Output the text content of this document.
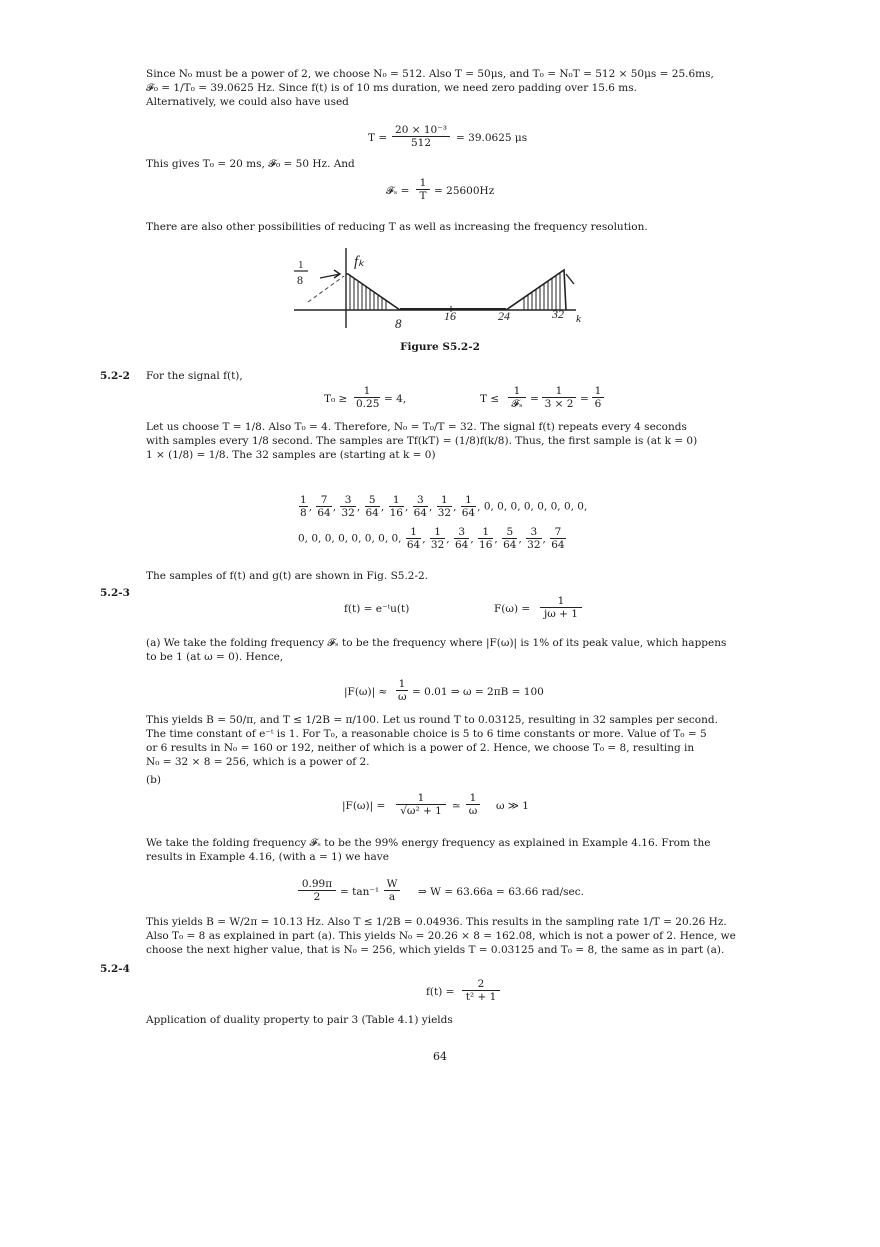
Since N₀ must be a power of 2, we choose N₀ = 512. Also T = 50μs, and T₀ = N₀T = 512 × 50μs = 25.6ms,
𝓕₀ = 1/T₀ = 39.0625 Hz. Since f(t) is of 10 ms duration, we need zero padding over 15.6 ms.
Alternatively, we could also have used
$T = \frac{\text{20 × 10⁻³}}{512} = 39.0625$ μs
This gives T₀ = 20 ms, 𝓕₀ = 50 Hz. And
𝓕ₛ = $\frac{1}{T} = 25600Hz$
There are also other possibilities of reducing T as well as increasing the frequency resolution.
1
8
fₖ
8	16	24	32 k
Figure S5.2-2
5.2-2 For the signal f(t),
$T_0 \ge \frac{1}{0.25} = 4$,	T ≤
1
𝓕ₛ = $\frac{1}{3 \times 2} = \frac{1}{6}$
Let us choose T = 1/8. Also T₀ = 4. Therefore, N₀ = T₀/T = 32. The signal f(t) repeats every 4 seconds
with samples every 1/8 second. The samples are Tf(kT) = (1/8)f(k/8). Thus, the first sample is (at k = 0)
1 × (1/8) = 1/8. The 32 samples are (starting at k = 0)
$\frac{1}{8}$ , $\frac{7}{64}$ , $\frac{3}{32}$ , $\frac{5}{64}$ , $\frac{1}{16}$ , $\frac{3}{64}$ , $\frac{1}{32}$ , $\frac{1}{64}$ , 0, 0, 0, 0, 0, 0, 0, 0,
0, 0, 0, 0, 0, 0, 0, 0, $\frac{1}{64}$ , $\frac{1}{32}$ , $\frac{3}{64}$ , $\frac{1}{16}$ , $\frac{5}{64}$ , $\frac{3}{32}$ , $\frac{7}{64}$
The samples of f(t) and g(t) are shown in Fig. S5.2-2.
5.2-3
f(t) = e⁻ᵗu(t)	$F(\omega) = \frac{1}{j\omega + 1}$
(a) We take the folding frequency 𝓕ₛ to be the frequency where |F(ω)| is 1% of its peak value, which happens
to be 1 (at ω = 0). Hence,
$|F(\omega)| \approx \frac{1}{\omega} = 0.01$ ⇒ ω = 2πB = 100
This yields B = 50/π, and T ≤ 1/2B = π/100. Let us round T to 0.03125, resulting in 32 samples per second.
The time constant of e⁻ᵗ is 1. For T₀, a reasonable choice is 5 to 6 time constants or more. Value of T₀ = 5
or 6 results in N₀ = 160 or 192, neither of which is a power of 2. Hence, we choose T₀ = 8, resulting in
N₀ = 32 × 8 = 256, which is a power of 2.
(b)
$|F(\omega)| = \frac{1}{\text{√ω² + 1}}$ ≃ $\frac{1}{\omega}$ ω ≫ 1
We take the folding frequency 𝓕ₛ to be the 99% energy frequency as explained in Example 4.16. From the
results in Example 4.16, (with a = 1) we have
$\frac{0.99\pi}{2} = \tan^{-1} \frac{W}{a}$ ⇒ W = 63.66a = 63.66 rad/sec.
This yields B = W/2π = 10.13 Hz. Also T ≤ 1/2B = 0.04936. This results in the sampling rate 1/T = 20.26 Hz.
Also T₀ = 8 as explained in part (a). This yields N₀ = 20.26 × 8 = 162.08, which is not a power of 2. Hence, we
choose the next higher value, that is N₀ = 256, which yields T = 0.03125 and T₀ = 8, the same as in part (a).
5.2-4
$f(t) = \frac{2}{\text{t² + 1}}$
Application of duality property to pair 3 (Table 4.1) yields
64
